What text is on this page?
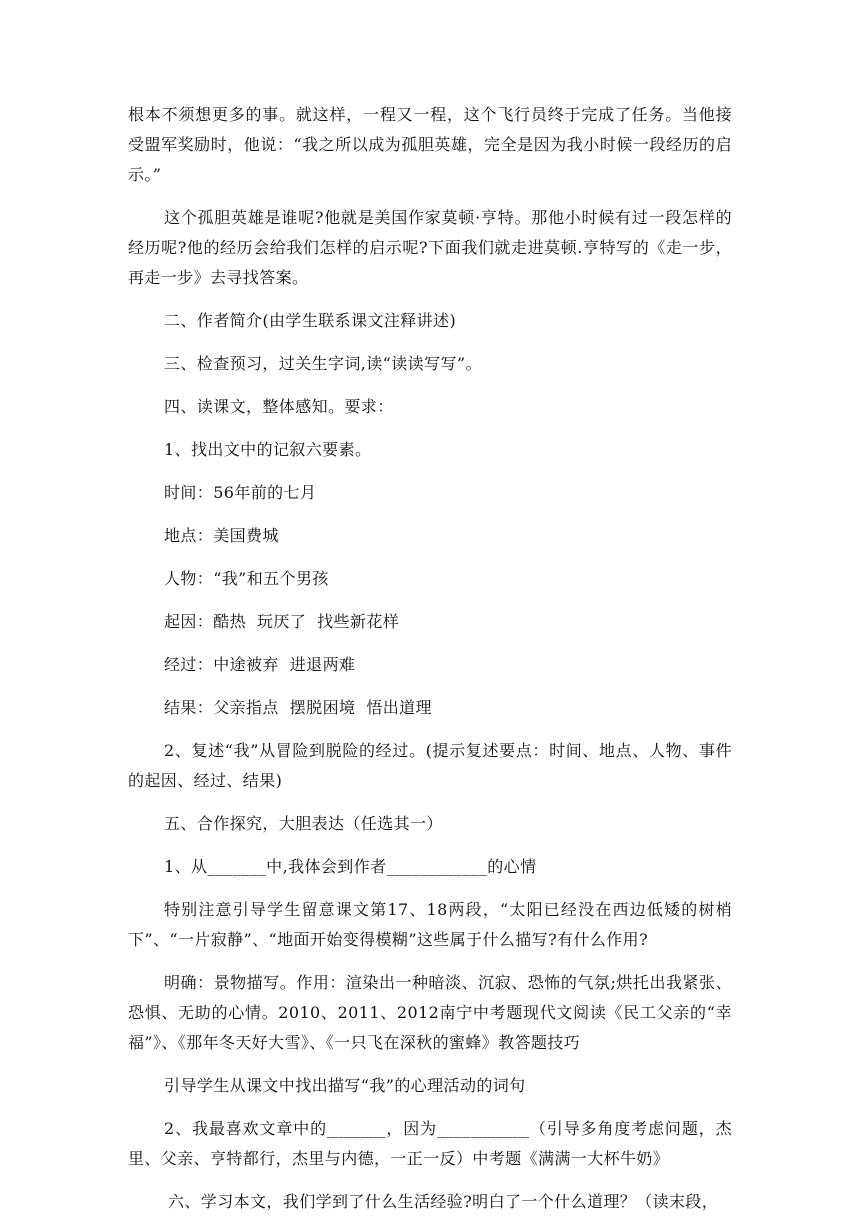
根本不须想更多的事。就这样，一程又一程，这个飞行员终于完成了任务。当他接受盟军奖励时，他说：“我之所以成为孤胆英雄，完全是因为我小时候一段经历的启示。”

这个孤胆英雄是谁呢?他就是美国作家莫顿·亨特。那他小时候有过一段怎样的经历呢?他的经历会给我们怎样的启示呢?下面我们就走进莫顿.亨特写的《走一步，再走一步》去寻找答案。

二、作者简介(由学生联系课文注释讲述)

三、检查预习，过关生字词,读“读读写写”。

四、读课文，整体感知。要求：

1、找出文中的记叙六要素。

时间：56年前的七月

地点：美国费城

人物：“我”和五个男孩

起因：酷热  玩厌了  找些新花样

经过：中途被弃  进退两难

结果：父亲指点  摆脱困境  悟出道理

2、复述“我”从冒险到脱险的经过。(提示复述要点：时间、地点、人物、事件的起因、经过、结果)

五、合作探究，大胆表达（任选其一）

1、从_______中,我体会到作者____________的心情

特别注意引导学生留意课文第17、18两段，“太阳已经没在西边低矮的树梢下”、“一片寂静”、“地面开始变得模糊”这些属于什么描写?有什么作用?

明确：景物描写。作用：渲染出一种暗淡、沉寂、恐怖的气氛;烘托出我紧张、恐惧、无助的心情。2010、2011、2012南宁中考题现代文阅读《民工父亲的“幸福”》、《那年冬天好大雪》、《一只飞在深秋的蜜蜂》教答题技巧

引导学生从课文中找出描写“我”的心理活动的词句

2、我最喜欢文章中的_______，因为___________（引导多角度考虑问题，杰里、父亲、亨特都行，杰里与内德，一正一反）中考题《满满一大杯牛奶》

六、学习本文，我们学到了什么生活经验?明白了一个什么道理？（读末段，
